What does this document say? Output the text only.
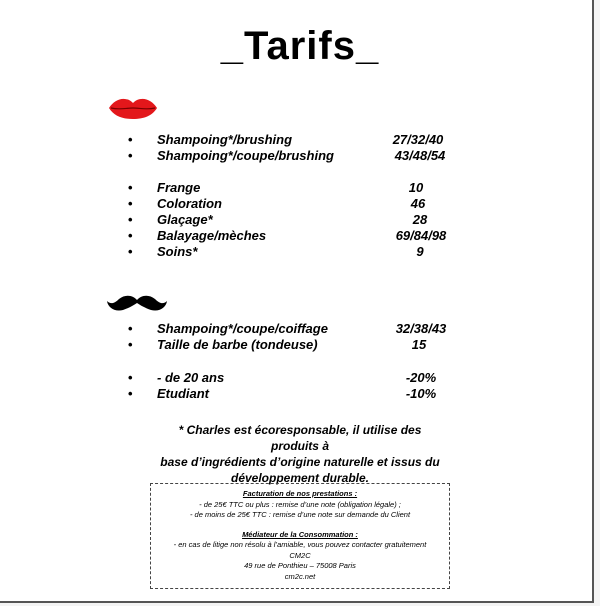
_Tarifs_
• Shampoing*/brushing	27/32/40
• Shampoing*/coupe/brushing	43/48/54
• Frange	10
• Coloration	46
• Glaçage*	28
• Balayage/mèches	69/84/98
• Soins*	9
• Shampoing*/coupe/coiffage	32/38/43
• Taille de barbe (tondeuse)	15
• - de 20 ans	-20%
• Etudiant	-10%
* Charles est écoresponsable, il utilise des produits à
base d’ingrédients d’origine naturelle et issus du
développement durable.
Facturation de nos prestations :
- de 25€ TTC ou plus : remise d’une note (obligation légale) ;
- de moins de 25€ TTC : remise d’une note sur demande du Client
Médiateur de la Consommation :
- en cas de litige non résolu à l’amiable, vous pouvez contacter gratuitement
CM2C
49 rue de Ponthieu – 75008 Paris
cm2c.net
